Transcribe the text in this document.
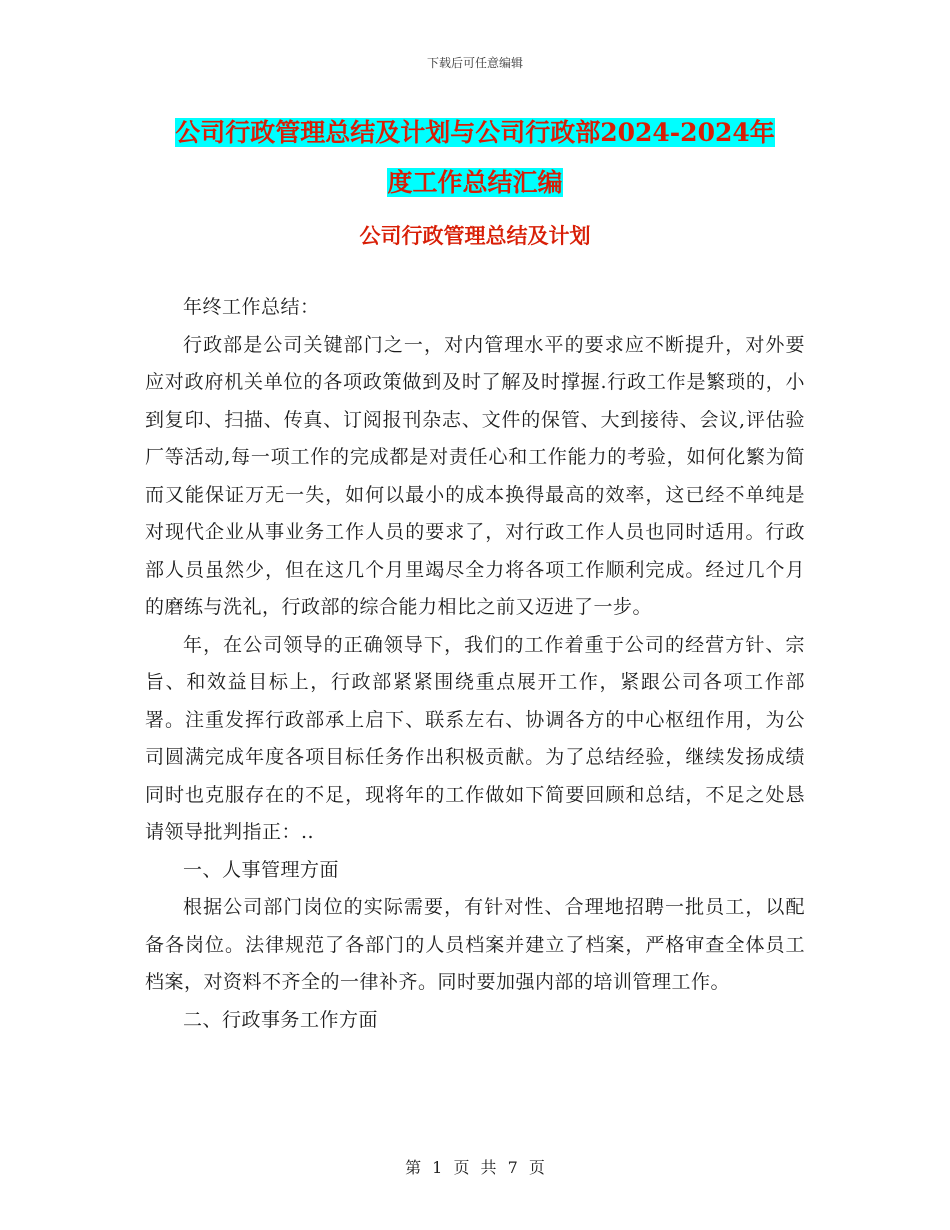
下载后可任意编辑
公司行政管理总结及计划与公司行政部2024-2024年
度工作总结汇编
公司行政管理总结及计划

年终工作总结：

行政部是公司关键部门之一，对内管理水平的要求应不断提升，对外要应对政府机关单位的各项政策做到及时了解及时撑握.行政工作是繁琐的，小到复印、扫描、传真、订阅报刊杂志、文件的保管、大到接待、会议,评估验厂等活动,每一项工作的完成都是对责任心和工作能力的考验，如何化繁为简而又能保证万无一失，如何以最小的成本换得最高的效率，这已经不单纯是对现代企业从事业务工作人员的要求了，对行政工作人员也同时适用。行政部人员虽然少，但在这几个月里竭尽全力将各项工作顺利完成。经过几个月的磨练与洗礼，行政部的综合能力相比之前又迈进了一步。

年，在公司领导的正确领导下，我们的工作着重于公司的经营方针、宗旨、和效益目标上，行政部紧紧围绕重点展开工作，紧跟公司各项工作部署。注重发挥行政部承上启下、联系左右、协调各方的中心枢纽作用，为公司圆满完成年度各项目标任务作出积极贡献。为了总结经验，继续发扬成绩同时也克服存在的不足，现将年的工作做如下简要回顾和总结，不足之处恳请领导批判指正：..

一、人事管理方面

根据公司部门岗位的实际需要，有针对性、合理地招聘一批员工，以配备各岗位。法律规范了各部门的人员档案并建立了档案，严格审查全体员工档案，对资料不齐全的一律补齐。同时要加强内部的培训管理工作。

二、行政事务工作方面

第 1 页 共 7 页
